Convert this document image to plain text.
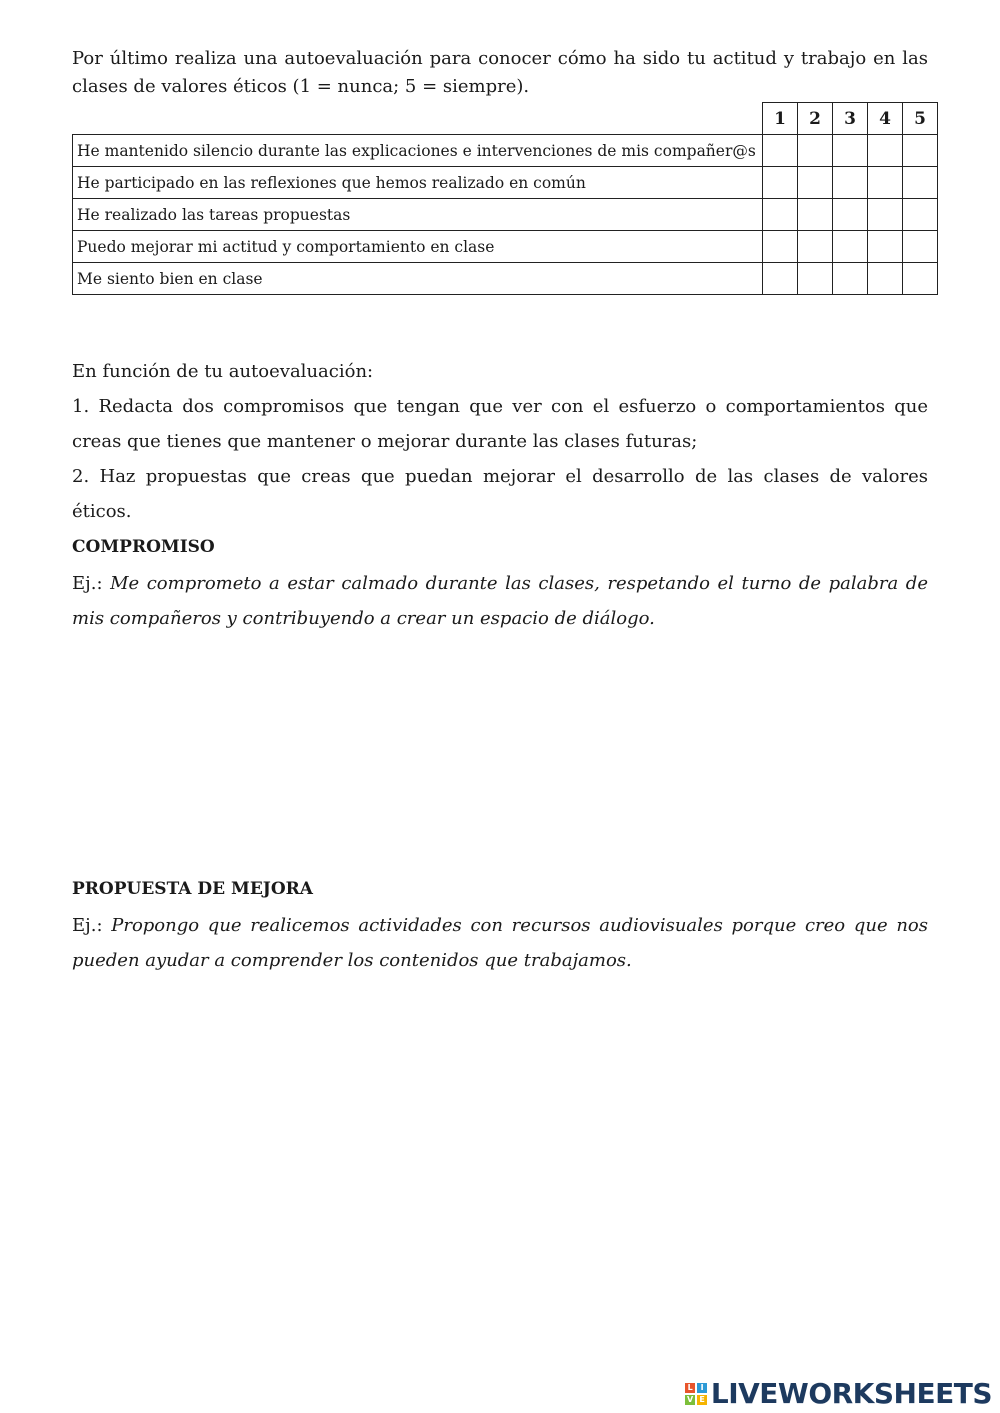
Por último realiza una autoevaluación para conocer cómo ha sido tu actitud y trabajo en las clases de valores éticos (1 = nunca; 5 = siempre).

	1	2	3	4	5
He mantenido silencio durante las explicaciones e intervenciones de mis compañer@s					
He participado en las reflexiones que hemos realizado en común					
He realizado las tareas propuestas					
Puedo mejorar mi actitud y comportamiento en clase					
Me siento bien en clase					
En función de tu autoevaluación:
1. Redacta dos compromisos que tengan que ver con el esfuerzo o comportamientos que creas que tienes que mantener o mejorar durante las clases futuras;
2. Haz propuestas que creas que puedan mejorar el desarrollo de las clases de valores éticos.
COMPROMISO

Ej.: Me comprometo a estar calmado durante las clases, respetando el turno de palabra de mis compañeros y contribuyendo a crear un espacio de diálogo.

PROPUESTA DE MEJORA

Ej.: Propongo que realicemos actividades con recursos audiovisuales porque creo que nos pueden ayudar a comprender los contenidos que trabajamos.

L	I
V E LIVEWORKSHEETS
